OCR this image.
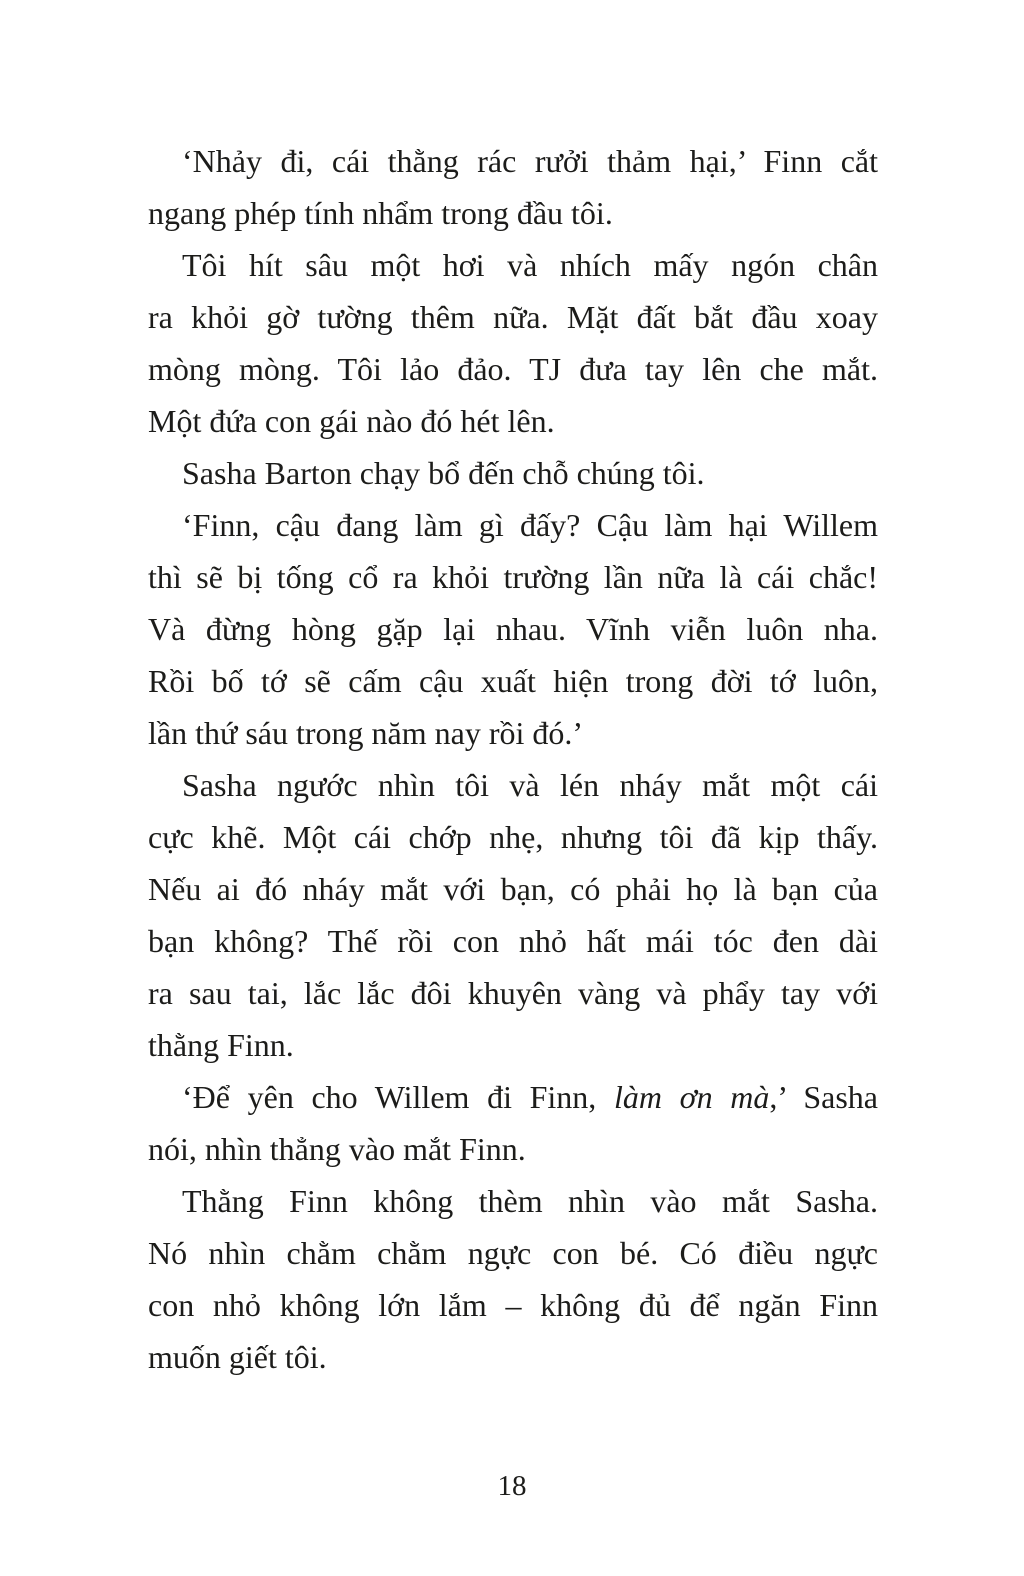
‘Nhảy đi, cái thằng rác rưởi thảm hại,’ Finn cắt
ngang phép tính nhẩm trong đầu tôi.
Tôi hít sâu một hơi và nhích mấy ngón chân
ra khỏi gờ tường thêm nữa. Mặt đất bắt đầu xoay
mòng mòng. Tôi lảo đảo. TJ đưa tay lên che mắt.
Một đứa con gái nào đó hét lên.
Sasha Barton chạy bổ đến chỗ chúng tôi.
‘Finn, cậu đang làm gì đấy? Cậu làm hại Willem
thì sẽ bị tống cổ ra khỏi trường lần nữa là cái chắc!
Và đừng hòng gặp lại nhau. Vĩnh viễn luôn nha.
Rồi bố tớ sẽ cấm cậu xuất hiện trong đời tớ luôn,
lần thứ sáu trong năm nay rồi đó.’
Sasha ngước nhìn tôi và lén nháy mắt một cái
cực khẽ. Một cái chớp nhẹ, nhưng tôi đã kịp thấy.
Nếu ai đó nháy mắt với bạn, có phải họ là bạn của
bạn không? Thế rồi con nhỏ hất mái tóc đen dài
ra sau tai, lắc lắc đôi khuyên vàng và phẩy tay với
thằng Finn.
‘Để yên cho Willem đi Finn, làm ơn mà,’ Sasha
nói, nhìn thẳng vào mắt Finn.
Thằng Finn không thèm nhìn vào mắt Sasha.
Nó nhìn chằm chằm ngực con bé. Có điều ngực
con nhỏ không lớn lắm – không đủ để ngăn Finn
muốn giết tôi.
18
